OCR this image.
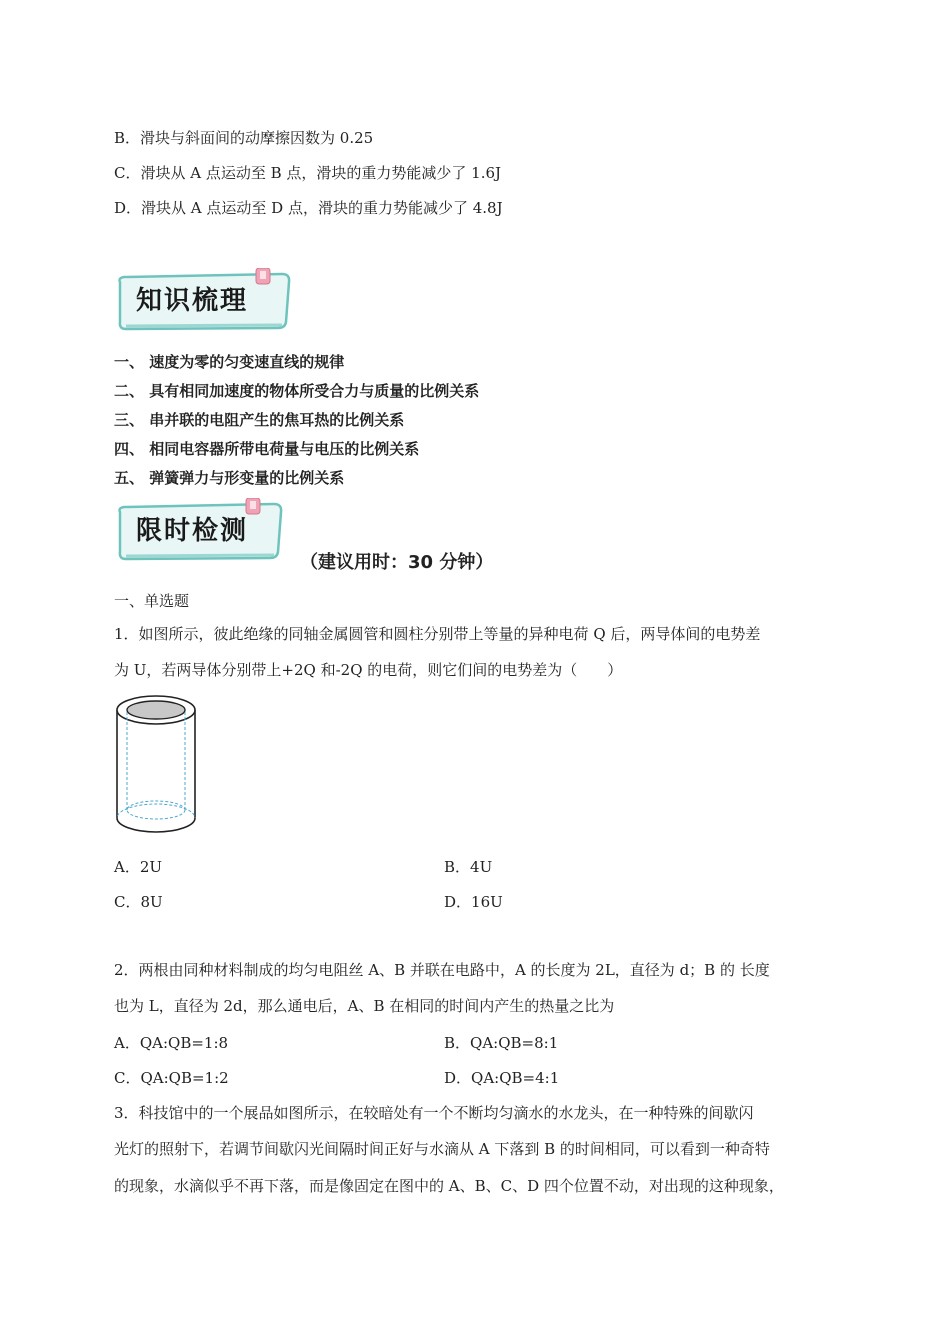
B．滑块与斜面间的动摩擦因数为 0.25
C．滑块从 A 点运动至 B 点，滑块的重力势能减少了 1.6J
D．滑块从 A 点运动至 D 点，滑块的重力势能减少了 4.8J
知识梳理
一、 速度为零的匀变速直线的规律
二、 具有相同加速度的物体所受合力与质量的比例关系
三、 串并联的电阻产生的焦耳热的比例关系
四、 相同电容器所带电荷量与电压的比例关系
五、 弹簧弹力与形变量的比例关系
限时检测
（建议用时：30 分钟）
一、单选题
1．如图所示，彼此绝缘的同轴金属圆管和圆柱分别带上等量的异种电荷 Q 后，两导体间的电势差
为 U，若两导体分别带上+2Q 和-2Q 的电荷，则它们间的电势差为（　　）
A．2U	B．4U
C．8U	D．16U
2．两根由同种材料制成的均匀电阻丝 A、B 并联在电路中，A 的长度为 2L，直径为 d；B 的 长度
也为 L，直径为 2d，那么通电后，A、B 在相同的时间内产生的热量之比为
A．QA:QB=1:8	B．QA:QB=8:1
C．QA:QB=1:2	D．QA:QB=4:1
3．科技馆中的一个展品如图所示，在较暗处有一个不断均匀滴水的水龙头，在一种特殊的间歇闪
光灯的照射下，若调节间歇闪光间隔时间正好与水滴从 A 下落到 B 的时间相同，可以看到一种奇特
的现象，水滴似乎不再下落，而是像固定在图中的 A、B、C、D 四个位置不动，对出现的这种现象，
